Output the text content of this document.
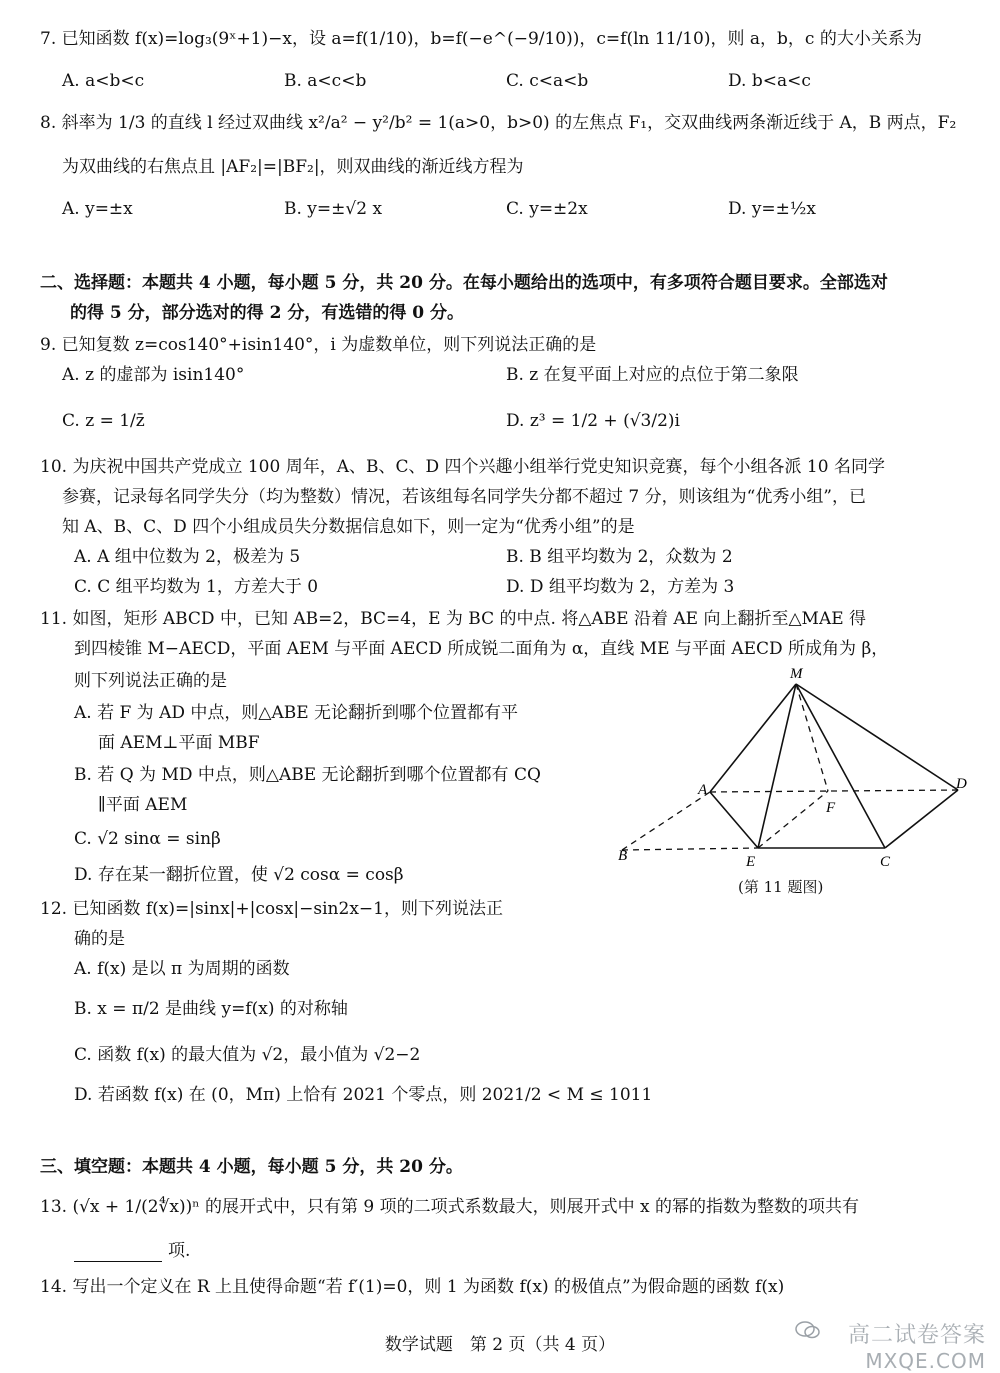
7. 已知函数 f(x)=log₃(9ˣ+1)−x，设 a=f(1/10)，b=f(−e^(−9/10))，c=f(ln 11/10)，则 a，b，c 的大小关系为
A. a<b<c	B. a<c<b	C. c<a<b	D. b<a<c
8. 斜率为 1/3 的直线 l 经过双曲线 x²/a² − y²/b² = 1(a>0，b>0) 的左焦点 F₁，交双曲线两条渐近线于 A，B 两点，F₂
为双曲线的右焦点且 |AF₂|=|BF₂|，则双曲线的渐近线方程为
A. y=±x	B. y=±√2 x	C. y=±2x	D. y=±½x
二、选择题：本题共 4 小题，每小题 5 分，共 20 分。在每小题给出的选项中，有多项符合题目要求。全部选对
的得 5 分，部分选对的得 2 分，有选错的得 0 分。
9. 已知复数 z=cos140°+isin140°，i 为虚数单位，则下列说法正确的是
A. z 的虚部为 isin140°	B. z 在复平面上对应的点位于第二象限
C. z = 1/z̄	D. z³ = 1/2 + (√3/2)i
10. 为庆祝中国共产党成立 100 周年，A、B、C、D 四个兴趣小组举行党史知识竞赛，每个小组各派 10 名同学
参赛，记录每名同学失分（均为整数）情况，若该组每名同学失分都不超过 7 分，则该组为“优秀小组”，已
知 A、B、C、D 四个小组成员失分数据信息如下，则一定为“优秀小组”的是
A. A 组中位数为 2，极差为 5	B. B 组平均数为 2，众数为 2
C. C 组平均数为 1，方差大于 0	D. D 组平均数为 2，方差为 3
11. 如图，矩形 ABCD 中，已知 AB=2，BC=4，E 为 BC 的中点. 将△ABE 沿着 AE 向上翻折至△MAE 得
到四棱锥 M−AECD，平面 AEM 与平面 AECD 所成锐二面角为 α，直线 ME 与平面 AECD 所成角为 β，
则下列说法正确的是
A. 若 F 为 AD 中点，则△ABE 无论翻折到哪个位置都有平
面 AEM⊥平面 MBF
B. 若 Q 为 MD 中点，则△ABE 无论翻折到哪个位置都有 CQ
∥平面 AEM
C. √2 sinα = sinβ
D. 存在某一翻折位置，使 √2 cosα = cosβ
M
A	D
F
B	E	C
(第 11 题图)
12. 已知函数 f(x)=|sinx|+|cosx|−sin2x−1，则下列说法正
确的是
A. f(x) 是以 π 为周期的函数
B. x = π/2 是曲线 y=f(x) 的对称轴
C. 函数 f(x) 的最大值为 √2，最小值为 √2−2
D. 若函数 f(x) 在 (0，Mπ) 上恰有 2021 个零点，则 2021/2 < M ≤ 1011
三、填空题：本题共 4 小题，每小题 5 分，共 20 分。
13. (√x + 1/(2∜x))ⁿ 的展开式中，只有第 9 项的二项式系数最大，则展开式中 x 的幂的指数为整数的项共有
项.
14. 写出一个定义在 R 上且使得命题“若 f′(1)=0，则 1 为函数 f(x) 的极值点”为假命题的函数 f(x)
数学试题　第 2 页（共 4 页）	高二试卷答案
MXQE.COM
